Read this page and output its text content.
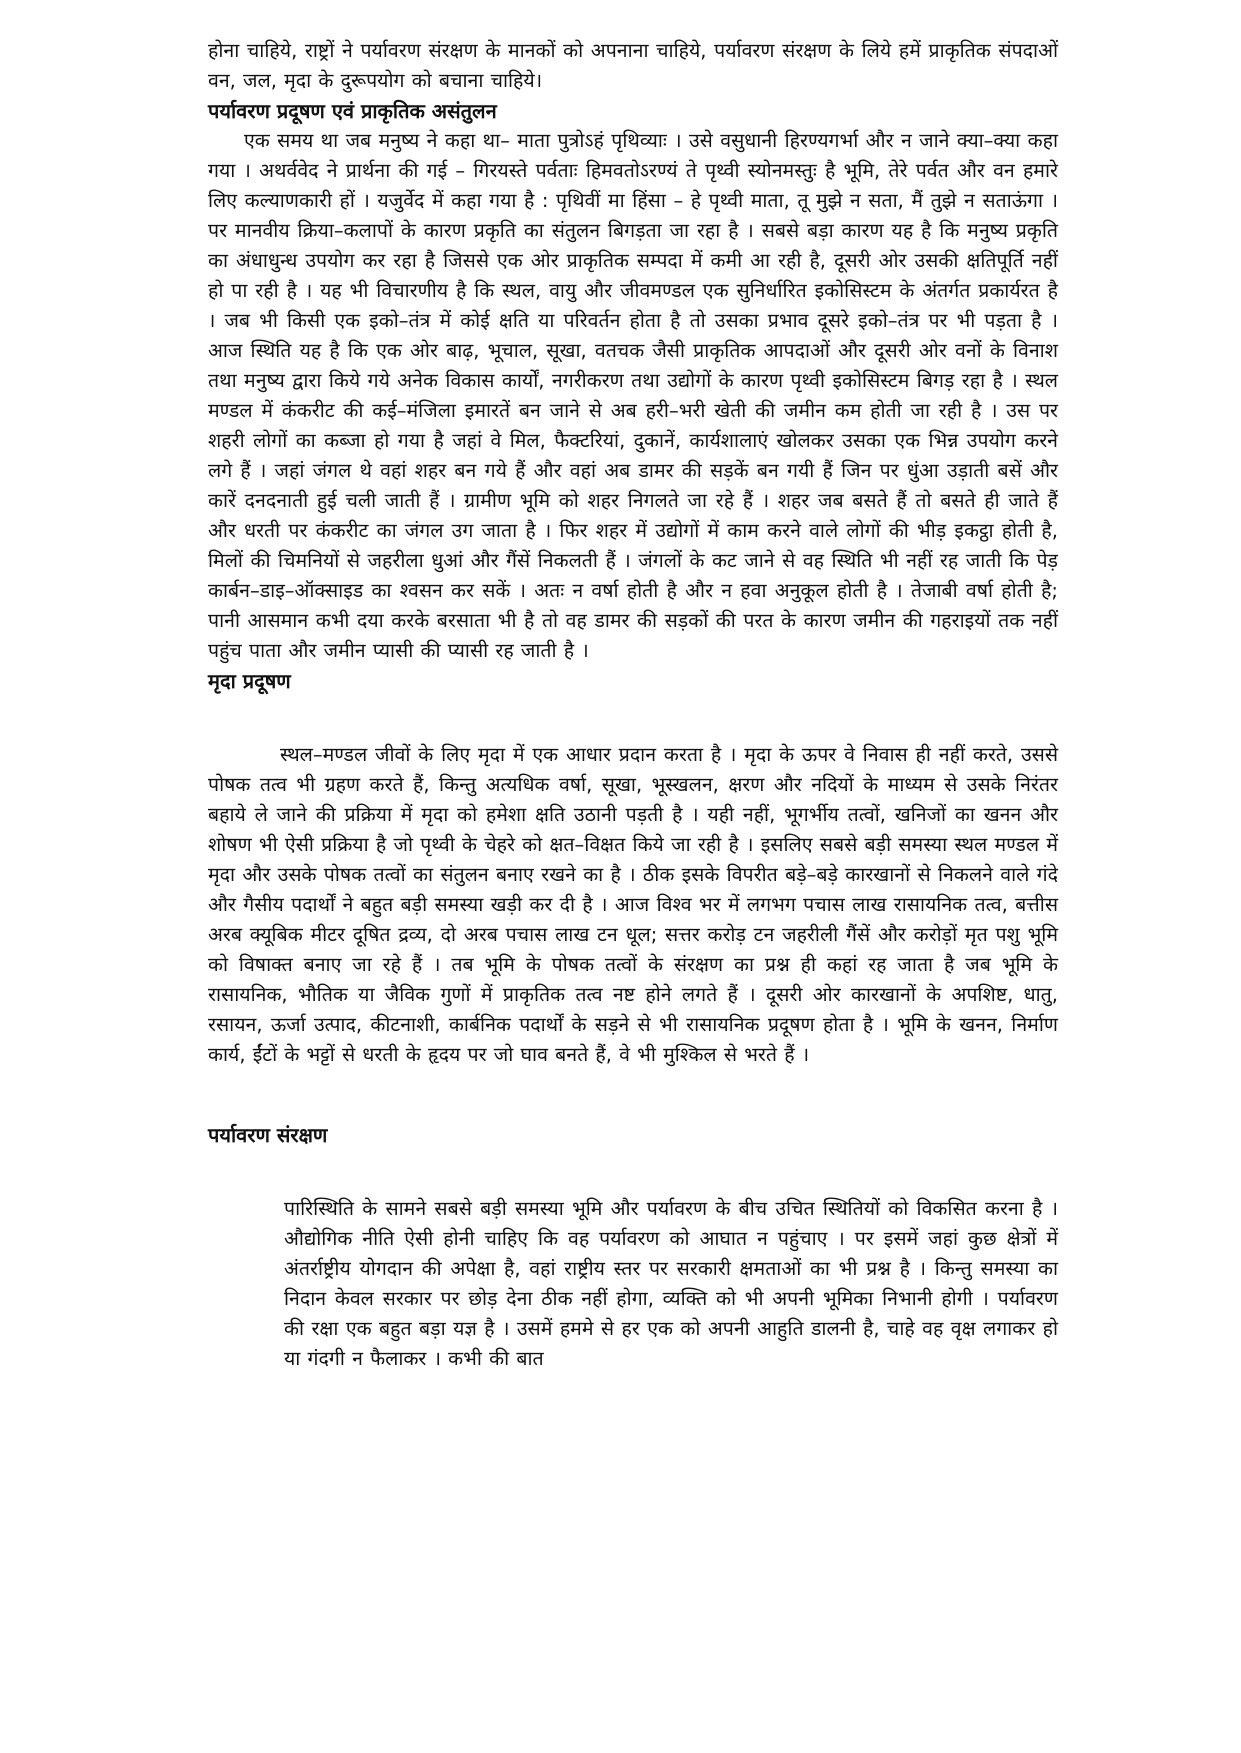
होना चाहिये, राष्ट्रों ने पर्यावरण संरक्षण के मानकों को अपनाना चाहिये, पर्यावरण संरक्षण के लिये हमें प्राकृतिक संपदाओं वन, जल, मृदा के दुरूपयोग को बचाना चाहिये।

पर्यावरण प्रदूषण एवं प्राकृतिक असंतुलन

एक समय था जब मनुष्य ने कहा था– माता पुत्रोऽहं पृथिव्याः । उसे वसुधानी हिरण्यगर्भा और न जाने क्या–क्या कहा गया । अथर्ववेद ने प्रार्थना की गई – गिरयस्ते पर्वताः हिमवतोऽरण्यं ते पृथ्वी स्योनमस्तुः है भूमि, तेरे पर्वत और वन हमारे लिए कल्याणकारी हों । यजुर्वेद में कहा गया है : पृथिवीं मा हिंसा – हे पृथ्वी माता, तू मुझे न सता, मैं तुझे न सताऊंगा । पर मानवीय क्रिया–कलापों के कारण प्रकृति का संतुलन बिगड़ता जा रहा है । सबसे बड़ा कारण यह है कि मनुष्य प्रकृति का अंधाधुन्ध उपयोग कर रहा है जिससे एक ओर प्राकृतिक सम्पदा में कमी आ रही है, दूसरी ओर उसकी क्षतिपूर्ति नहीं हो पा रही है । यह भी विचारणीय है कि स्थल, वायु और जीवमण्डल एक सुनिर्धारित इकोसिस्टम के अंतर्गत प्रकार्यरत है । जब भी किसी एक इको–तंत्र में कोई क्षति या परिवर्तन होता है तो उसका प्रभाव दूसरे इको–तंत्र पर भी पड़ता है । आज स्थिति यह है कि एक ओर बाढ़, भूचाल, सूखा, वतचक जैसी प्राकृतिक आपदाओं और दूसरी ओर वनों के विनाश तथा मनुष्य द्वारा किये गये अनेक विकास कार्यों, नगरीकरण तथा उद्योगों के कारण पृथ्वी इकोसिस्टम बिगड़ रहा है । स्थल मण्डल में कंकरीट की कई–मंजिला इमारतें बन जाने से अब हरी–भरी खेती की जमीन कम होती जा रही है । उस पर शहरी लोगों का कब्जा हो गया है जहां वे मिल, फैक्टरियां, दुकानें, कार्यशालाएं खोलकर उसका एक भिन्न उपयोग करने लगे हैं । जहां जंगल थे वहां शहर बन गये हैं और वहां अब डामर की सड़कें बन गयी हैं जिन पर धुंआ उड़ाती बसें और कारें दनदनाती हुई चली जाती हैं । ग्रामीण भूमि को शहर निगलते जा रहे हैं । शहर जब बसते हैं तो बसते ही जाते हैं और धरती पर कंकरीट का जंगल उग जाता है । फिर शहर में उद्योगों में काम करने वाले लोगों की भीड़ इकट्ठा होती है, मिलों की चिमनियों से जहरीला धुआं और गैंसें निकलती हैं । जंगलों के कट जाने से वह स्थिति भी नहीं रह जाती कि पेड़ कार्बन–डाइ–ऑक्साइड का श्वसन कर सकें । अतः न वर्षा होती है और न हवा अनुकूल होती है । तेजाबी वर्षा होती है; पानी आसमान कभी दया करके बरसाता भी है तो वह डामर की सड़कों की परत के कारण जमीन की गहराइयों तक नहीं पहुंच पाता और जमीन प्यासी की प्यासी रह जाती है ।

मृदा प्रदूषण

स्थल–मण्डल जीवों के लिए मृदा में एक आधार प्रदान करता है । मृदा के ऊपर वे निवास ही नहीं करते, उससे पोषक तत्व भी ग्रहण करते हैं, किन्तु अत्यधिक वर्षा, सूखा, भूस्खलन, क्षरण और नदियों के माध्यम से उसके निरंतर बहाये ले जाने की प्रक्रिया में मृदा को हमेशा क्षति उठानी पड़ती है । यही नहीं, भूगर्भीय तत्वों, खनिजों का खनन और शोषण भी ऐसी प्रक्रिया है जो पृथ्वी के चेहरे को क्षत–विक्षत किये जा रही है । इसलिए सबसे बड़ी समस्या स्थल मण्डल में मृदा और उसके पोषक तत्वों का संतुलन बनाए रखने का है । ठीक इसके विपरीत बड़े–बड़े कारखानों से निकलने वाले गंदे और गैसीय पदार्थों ने बहुत बड़ी समस्या खड़ी कर दी है । आज विश्व भर में लगभग पचास लाख रासायनिक तत्व, बत्तीस अरब क्यूबिक मीटर दूषित द्रव्य, दो अरब पचास लाख टन धूल; सत्तर करोड़ टन जहरीली गैंसें और करोड़ों मृत पशु भूमि को विषाक्त बनाए जा रहे हैं । तब भूमि के पोषक तत्वों के संरक्षण का प्रश्न ही कहां रह जाता है जब भूमि के रासायनिक, भौतिक या जैविक गुणों में प्राकृतिक तत्व नष्ट होने लगते हैं । दूसरी ओर कारखानों के अपशिष्ट, धातु, रसायन, ऊर्जा उत्पाद, कीटनाशी, कार्बनिक पदार्थों के सड़ने से भी रासायनिक प्रदूषण होता है । भूमि के खनन, निर्माण कार्य, ईंटों के भट्टों से धरती के हृदय पर जो घाव बनते हैं, वे भी मुश्किल से भरते हैं ।

पर्यावरण संरक्षण

पारिस्थिति के सामने सबसे बड़ी समस्या भूमि और पर्यावरण के बीच उचित स्थितियों को विकसित करना है । औद्योगिक नीति ऐसी होनी चाहिए कि वह पर्यावरण को आघात न पहुंचाए । पर इसमें जहां कुछ क्षेत्रों में अंतर्राष्ट्रीय योगदान की अपेक्षा है, वहां राष्ट्रीय स्तर पर सरकारी क्षमताओं का भी प्रश्न है । किन्तु समस्या का निदान केवल सरकार पर छोड़ देना ठीक नहीं होगा, व्यक्ति को भी अपनी भूमिका निभानी होगी । पर्यावरण की रक्षा एक बहुत बड़ा यज्ञ है । उसमें हममे से हर एक को अपनी आहुति डालनी है, चाहे वह वृक्ष लगाकर हो या गंदगी न फैलाकर । कभी की बात
